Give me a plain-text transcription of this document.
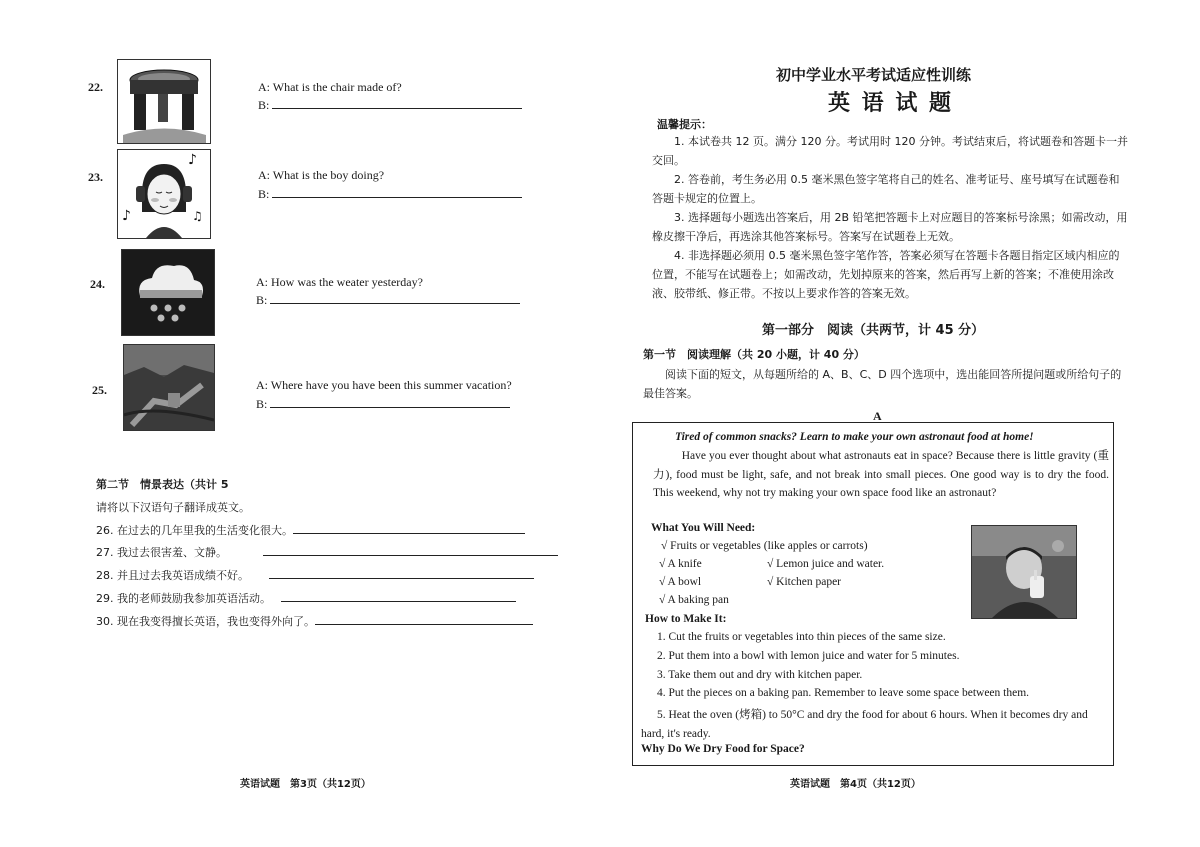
22.	A: What is the chair made of?
B:
23.
♪
♪	♫
A: What is the boy doing?
B:
24.	A: How was the weater yesterday?
B:
25.	A: Where have you have been this summer vacation?
B:
第二节　情景表达（共计 5
请将以下汉语句子翻译成英文。
26. 在过去的几年里我的生活变化很大。
27. 我过去很害羞、文静。
28. 并且过去我英语成绩不好。
29. 我的老师鼓励我参加英语活动。
30. 现在我变得擅长英语，我也变得外向了。
英语试题　第3页（共12页）
初中学业水平考试适应性训练
英 语 试 题
温馨提示：
1. 本试卷共 12 页。满分 120 分。考试用时 120 分钟。考试结束后，将试题卷和答题卡一并交回。
2. 答卷前，考生务必用 0.5 毫米黑色签字笔将自己的姓名、准考证号、座号填写在试题卷和答题卡规定的位置上。
3. 选择题每小题选出答案后，用 2B 铅笔把答题卡上对应题目的答案标号涂黑；如需改动，用橡皮擦干净后，再选涂其他答案标号。答案写在试题卷上无效。
4. 非选择题必须用 0.5 毫米黑色签字笔作答，答案必须写在答题卡各题目指定区域内相应的位置，不能写在试题卷上；如需改动，先划掉原来的答案，然后再写上新的答案；不准使用涂改液、胶带纸、修正带。不按以上要求作答的答案无效。
第一部分　阅读（共两节，计 45 分）
第一节　阅读理解（共 20 小题，计 40 分）
阅读下面的短文，从每题所给的 A、B、C、D 四个选项中，选出能回答所提问题或所给句子的最佳答案。
A
Tired of common snacks? Learn to make your own astronaut food at home!
Have you ever thought about what astronauts eat in space? Because there is little gravity (重力), food must be light, safe, and not break into small pieces. One good way is to dry the food. This weekend, why not try making your own space food like an astronaut?
What You Will Need:
√ Fruits or vegetables (like apples or carrots)
√ A knife	√ Lemon juice and water.
√ A bowl	√ Kitchen paper
√ A baking pan
How to Make It:
1. Cut the fruits or vegetables into thin pieces of the same size.
2. Put them into a bowl with lemon juice and water for 5 minutes.
3. Take them out and dry with kitchen paper.
4. Put the pieces on a baking pan. Remember to leave some space between them.
5. Heat the oven (烤箱) to 50°C and dry the food for about 6 hours. When it becomes dry and hard, it's ready.
Why Do We Dry Food for Space?
英语试题　第4页（共12页）
